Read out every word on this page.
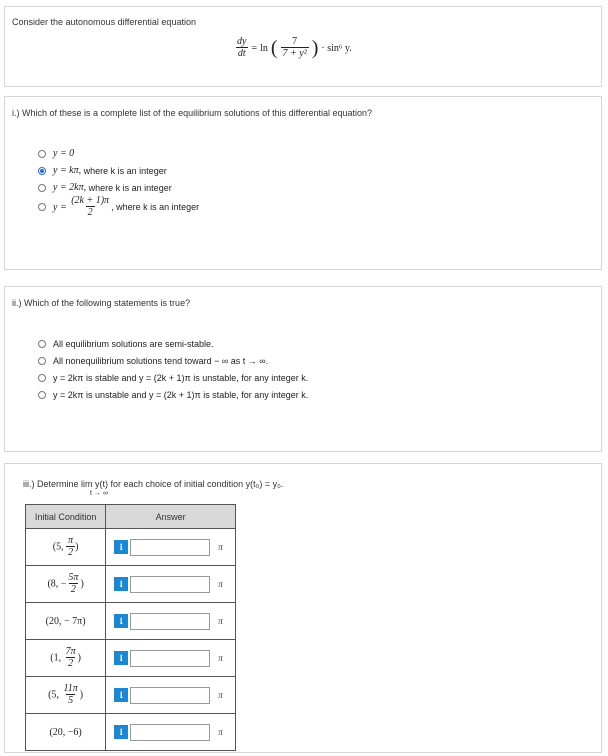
Consider the autonomous differential equation
$\frac{dy}{dt} = \ln$ ( $\frac{7}{\text{7 + y²}}$ ) · sin⁶ y.
i.) Which of these is a complete list of the equilibrium solutions of this differential equation?
y = 0
y = kπ,
where k is an integer
y = 2kπ,
where k is an integer
y =
$\frac{(2k + 1)\pi}{2}$ , where k is an integer
ii.) Which of the following statements is true?
All equilibrium solutions are semi-stable.
All nonequilibrium solutions tend toward − ∞ as t → ∞.
y = 2kπ is stable and y = (2k + 1)π is unstable, for any integer k.
y = 2kπ is unstable and y = (2k + 1)π is stable, for any integer k.
iii.) Determine lim y(t) for each choice of initial condition y(t₀) = y₀.
t → ∞
Initial Condition	Answer
(5, $\frac{\pi}{2}$ )	i π

(8, − $\frac{5\pi}{2}$ )	i π

(20, − 7π)	i π

(1, $\frac{7\pi}{2}$ )	i π

(5, $\frac{11\pi}{5}$ )	i π

(20, −6)	i π
